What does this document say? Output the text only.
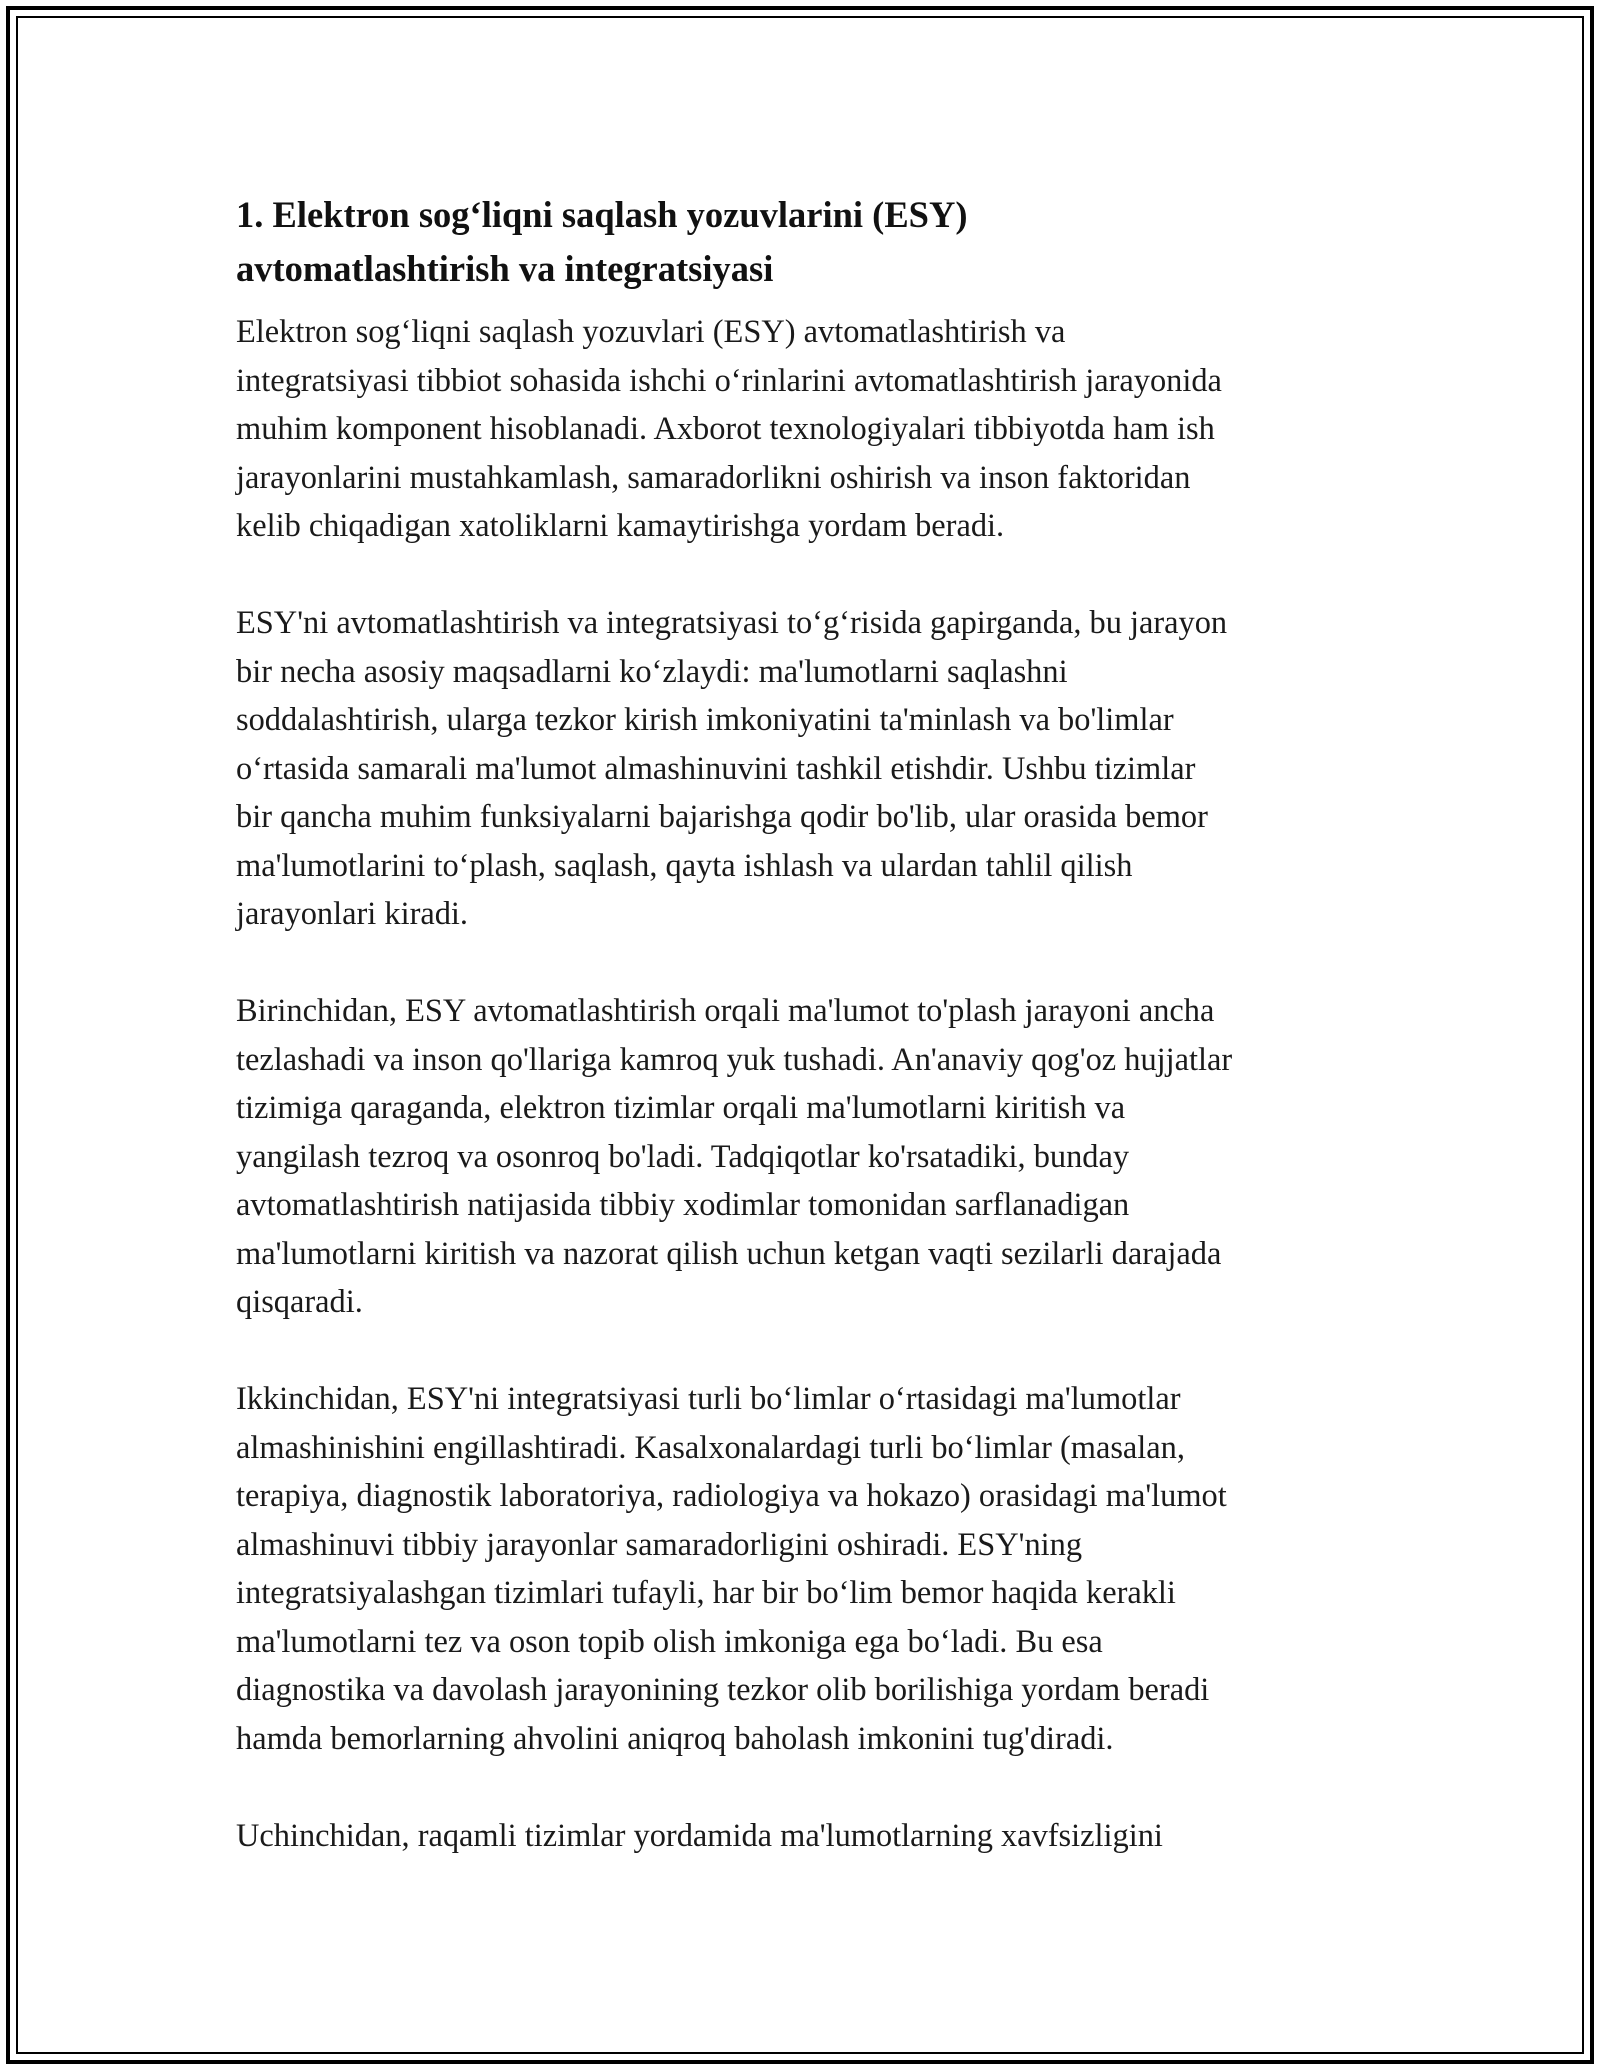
1. Elektron sog‘liqni saqlash yozuvlarini (ESY)
avtomatlashtirish va integratsiyasi

Elektron sog‘liqni saqlash yozuvlari (ESY) avtomatlashtirish va
integratsiyasi tibbiot sohasida ishchi o‘rinlarini avtomatlashtirish jarayonida
muhim komponent hisoblanadi. Axborot texnologiyalari tibbiyotda ham ish
jarayonlarini mustahkamlash, samaradorlikni oshirish va inson faktoridan
kelib chiqadigan xatoliklarni kamaytirishga yordam beradi.

ESY'ni avtomatlashtirish va integratsiyasi to‘g‘risida gapirganda, bu jarayon
bir necha asosiy maqsadlarni ko‘zlaydi: ma'lumotlarni saqlashni
soddalashtirish, ularga tezkor kirish imkoniyatini ta'minlash va bo'limlar
o‘rtasida samarali ma'lumot almashinuvini tashkil etishdir. Ushbu tizimlar
bir qancha muhim funksiyalarni bajarishga qodir bo'lib, ular orasida bemor
ma'lumotlarini to‘plash, saqlash, qayta ishlash va ulardan tahlil qilish
jarayonlari kiradi.

Birinchidan, ESY avtomatlashtirish orqali ma'lumot to'plash jarayoni ancha
tezlashadi va inson qo'llariga kamroq yuk tushadi. An'anaviy qog'oz hujjatlar
tizimiga qaraganda, elektron tizimlar orqali ma'lumotlarni kiritish va
yangilash tezroq va osonroq bo'ladi. Tadqiqotlar ko'rsatadiki, bunday
avtomatlashtirish natijasida tibbiy xodimlar tomonidan sarflanadigan
ma'lumotlarni kiritish va nazorat qilish uchun ketgan vaqti sezilarli darajada
qisqaradi.

Ikkinchidan, ESY'ni integratsiyasi turli bo‘limlar o‘rtasidagi ma'lumotlar
almashinishini engillashtiradi. Kasalxonalardagi turli bo‘limlar (masalan,
terapiya, diagnostik laboratoriya, radiologiya va hokazo) orasidagi ma'lumot
almashinuvi tibbiy jarayonlar samaradorligini oshiradi. ESY'ning
integratsiyalashgan tizimlari tufayli, har bir bo‘lim bemor haqida kerakli
ma'lumotlarni tez va oson topib olish imkoniga ega bo‘ladi. Bu esa
diagnostika va davolash jarayonining tezkor olib borilishiga yordam beradi
hamda bemorlarning ahvolini aniqroq baholash imkonini tug'diradi.

Uchinchidan, raqamli tizimlar yordamida ma'lumotlarning xavfsizligini
